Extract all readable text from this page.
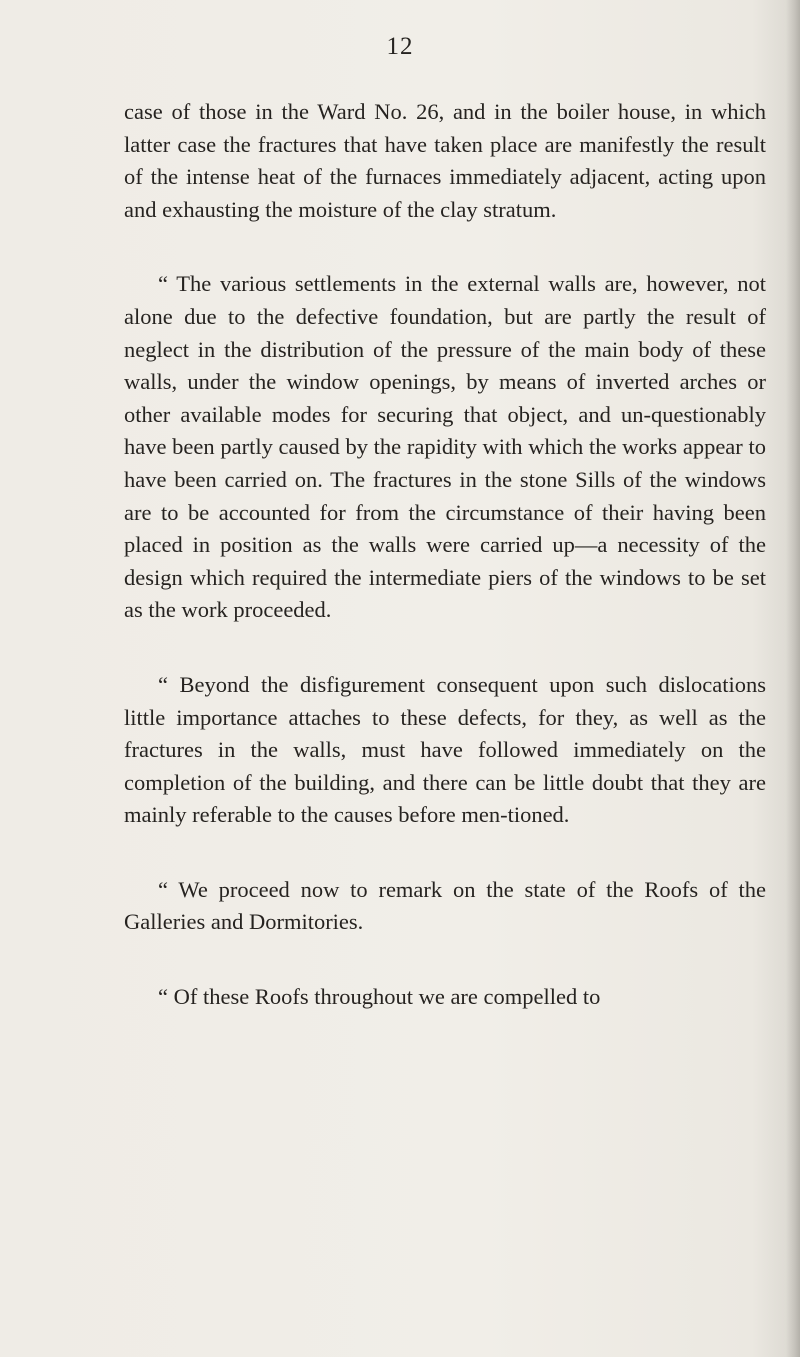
12

case of those in the Ward No. 26, and in the boiler house, in which latter case the fractures that have taken place are manifestly the result of the intense heat of the furnaces immediately adjacent, acting upon and exhausting the moisture of the clay stratum.

“ The various settlements in the external walls are, however, not alone due to the defective foundation, but are partly the result of neglect in the distribution of the pressure of the main body of these walls, under the window openings, by means of inverted arches or other available modes for securing that object, and un-questionably have been partly caused by the rapidity with which the works appear to have been carried on. The fractures in the stone Sills of the windows are to be accounted for from the circumstance of their having been placed in position as the walls were carried up—a necessity of the design which required the intermediate piers of the windows to be set as the work proceeded.

“ Beyond the disfigurement consequent upon such dislocations little importance attaches to these defects, for they, as well as the fractures in the walls, must have followed immediately on the completion of the building, and there can be little doubt that they are mainly referable to the causes before men-tioned.

“ We proceed now to remark on the state of the Roofs of the Galleries and Dormitories.

“ Of these Roofs throughout we are compelled to
